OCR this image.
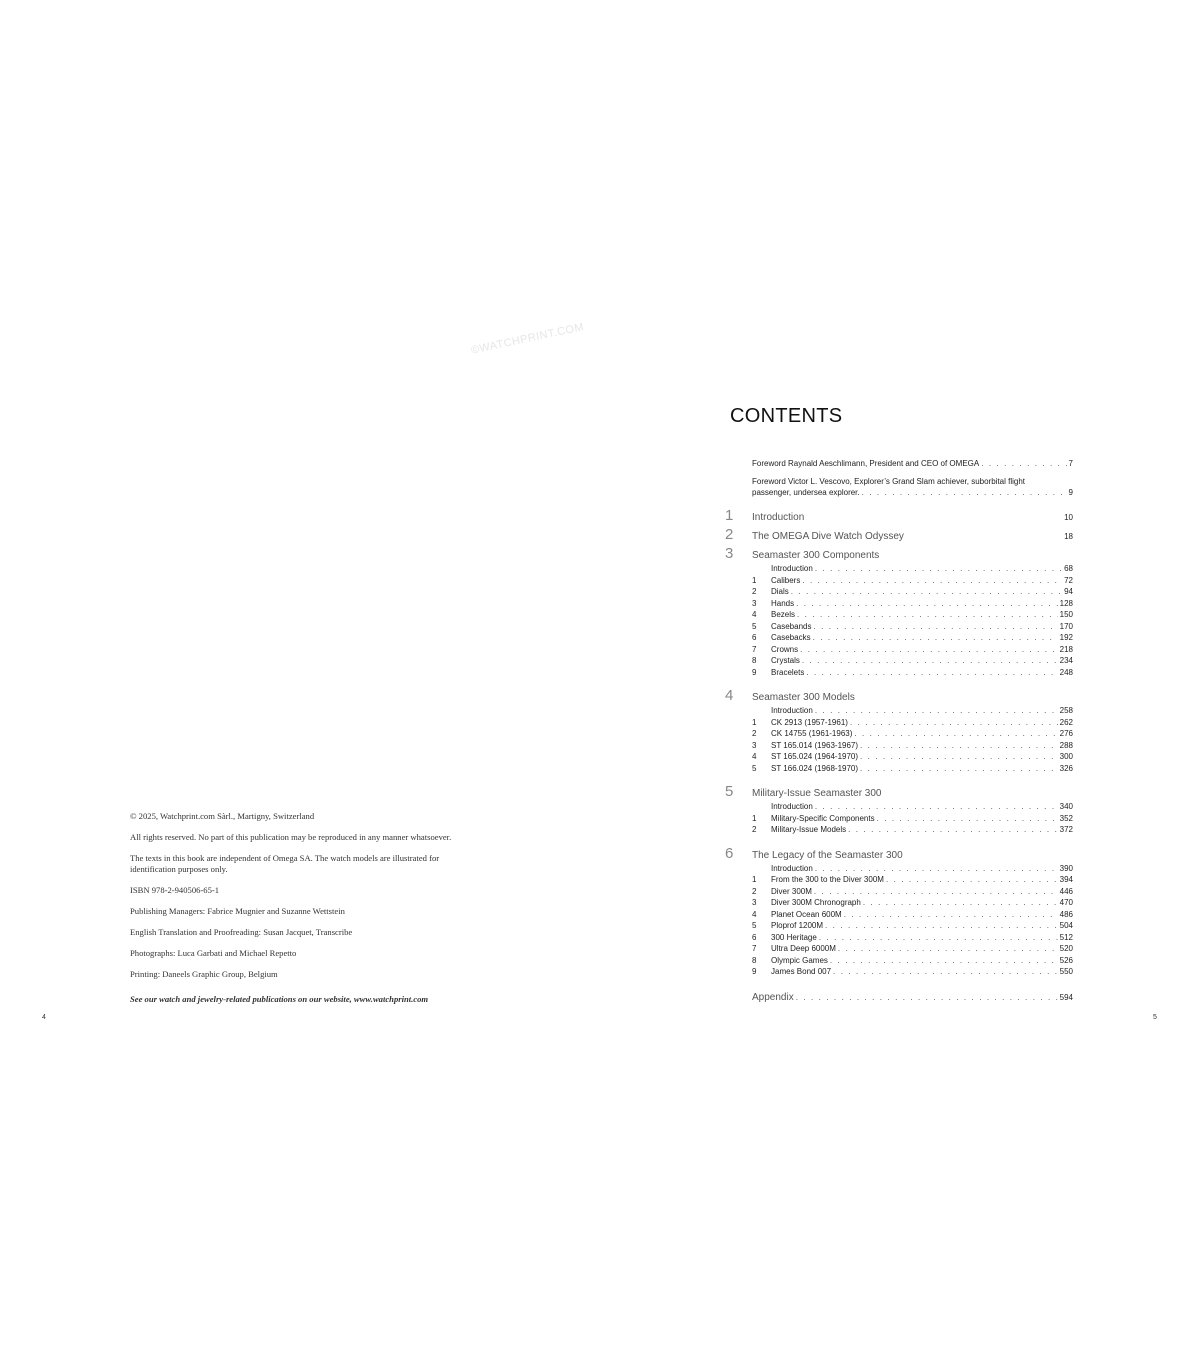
©WATCHPRINT.COM

© 2025, Watchprint.com Sàrl., Martigny, Switzerland

All rights reserved. No part of this publication may be reproduced in any manner whatsoever.

The texts in this book are independent of Omega SA. The watch models are illustrated for identification purposes only.

ISBN 978-2-940506-65-1

Publishing Managers: Fabrice Mugnier and Suzanne Wettstein

English Translation and Proofreading: Susan Jacquet, Transcribe

Photographs: Luca Garbati and Michael Repetto

Printing: Daneels Graphic Group, Belgium

See our watch and jewelry-related publications on our website, www.watchprint.com

4
CONTENTS
Foreword Raynald Aeschlimann, President and CEO of OMEGA . . .	7
Foreword Victor L. Vescovo, Explorer’s Grand Slam achiever, suborbital flight
passenger, undersea explorer. . . .	9
1	Introduction	10
2	The OMEGA Dive Watch Odyssey	18
3	Seamaster 300 Components
Introduction . . .	68
1	Calibers . . .	72
2	Dials . . .	94
3	Hands . . .	128
4	Bezels . . .	150
5	Casebands . . .	170
6	Casebacks . . .	192
7	Crowns . . .	218
8	Crystals . . .	234
9	Bracelets . . .	248
4	Seamaster 300 Models
Introduction . . .	258
1	CK 2913 (1957-1961) . . .	262
2	CK 14755 (1961-1963) . . .	276
3	ST 165.014 (1963-1967) . . .	288
4	ST 165.024 (1964-1970) . . .	300
5	ST 166.024 (1968-1970) . . .	326
5	Military-Issue Seamaster 300
Introduction . . .	340
1	Military-Specific Components . . .	352
2	Military-Issue Models . . .	372
6	The Legacy of the Seamaster 300
Introduction . . .	390
1	From the 300 to the Diver 300M . . .	394
2	Diver 300M . . .	446
3	Diver 300M Chronograph . . .	470
4	Planet Ocean 600M . . .	486
5	Ploprof 1200M . . .	504
6	300 Heritage . . .	512
7	Ultra Deep 6000M . . .	520
8	Olympic Games . . .	526
9	James Bond 007 . . .	550
Appendix . . .	594
5
